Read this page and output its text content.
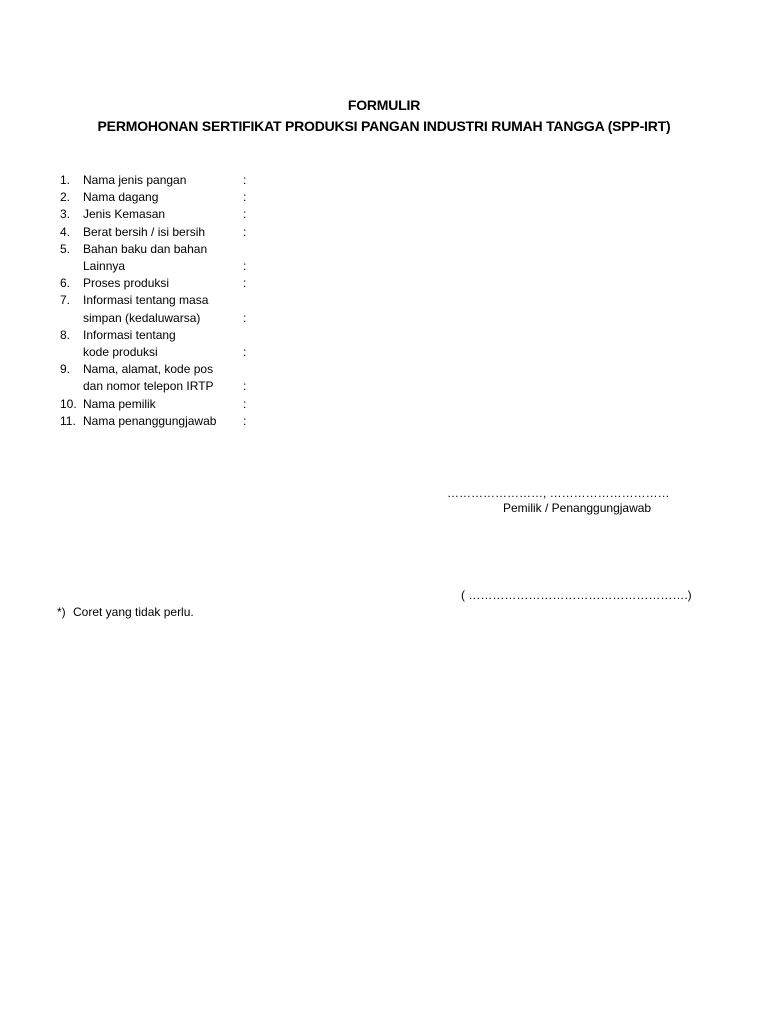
FORMULIR
PERMOHONAN SERTIFIKAT PRODUKSI PANGAN INDUSTRI RUMAH TANGGA (SPP-IRT)
1.	Nama jenis pangan	:
2.	Nama dagang	:
3.	Jenis Kemasan	:
4.	Berat bersih / isi bersih	:
5.	Bahan baku dan bahan
Lainnya	:
6.	Proses produksi	:
7.	Informasi tentang masa
simpan (kedaluwarsa)	:
8.	Informasi tentang
kode produksi	:
9.	Nama, alamat, kode pos
dan nomor telepon IRTP	:
10. Nama pemilik	:
11. Nama penanggungjawab	:
……………………, …………………………
Pemilik / Penanggungjawab
( ……………………………………………….)
*) Coret yang tidak perlu.
